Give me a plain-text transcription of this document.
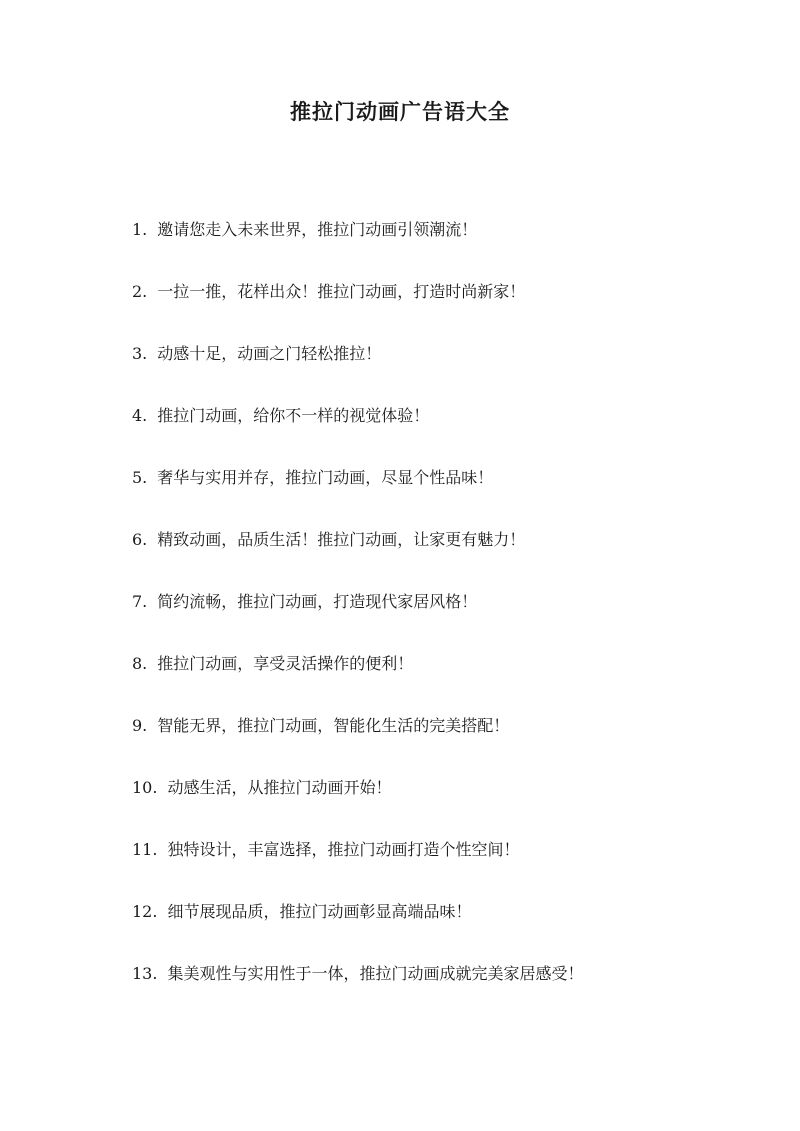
推拉门动画广告语大全
1. 邀请您走入未来世界，推拉门动画引领潮流！
2. 一拉一推，花样出众！推拉门动画，打造时尚新家！
3. 动感十足，动画之门轻松推拉！
4. 推拉门动画，给你不一样的视觉体验！
5. 奢华与实用并存，推拉门动画，尽显个性品味！
6. 精致动画，品质生活！推拉门动画，让家更有魅力！
7. 简约流畅，推拉门动画，打造现代家居风格！
8. 推拉门动画，享受灵活操作的便利！
9. 智能无界，推拉门动画，智能化生活的完美搭配！
10. 动感生活，从推拉门动画开始！
11. 独特设计，丰富选择，推拉门动画打造个性空间！
12. 细节展现品质，推拉门动画彰显高端品味！
13. 集美观性与实用性于一体，推拉门动画成就完美家居感受！
